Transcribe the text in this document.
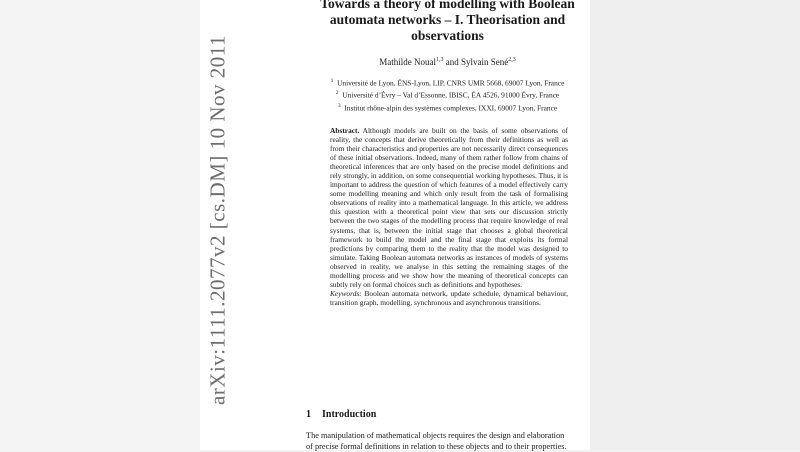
arXiv:1111.2077v2 [cs.DM] 10 Nov 2011
Towards a theory of modelling with Boolean automata networks – I. Theorisation and observations
Mathilde Noual$^{1,3}$ and Sylvain Sené$^{2,3}$
$^1$ Université de Lyon, ÉNS-Lyon, LIP, CNRS UMR 5668, 69007 Lyon, France
$^2$ Université d’Évry – Val d’Essonne, IBISC, ÉA 4526, 91000 Évry, France
$^3$ Institut rhône-alpin des systèmes complexes, IXXI, 69007 Lyon, France
Abstract. Although models are built on the basis of some observations of reality, the concepts that derive theoretically from their definitions as well as from their characteristics and properties are not necessarily direct consequences of these initial observations. Indeed, many of them rather follow from chains of theoretical inferences that are only based on the precise model definitions and rely strongly, in addition, on some consequential working hypotheses. Thus, it is important to address the question of which features of a model effectively carry some modelling meaning and which only result from the task of formalising observations of reality into a mathematical language. In this article, we address this question with a theoretical point view that sets our discussion strictly between the two stages of the modelling process that require knowledge of real systems, that is, between the initial stage that chooses a global theoretical framework to build the model and the final stage that exploits its formal predictions by comparing them to the reality that the model was designed to simulate. Taking Boolean automata networks as instances of models of systems observed in reality, we analyse in this setting the remaining stages of the modelling process and we show how the meaning of theoretical concepts can subtly rely on formal choices such as definitions and hypotheses.
Keywords: Boolean automata network, update schedule, dynamical behaviour, transition graph, modelling, synchronous and asynchronous transitions.
1 Introduction
The manipulation of mathematical objects requires the design and elaboration
of precise formal definitions in relation to these objects and to their properties.
